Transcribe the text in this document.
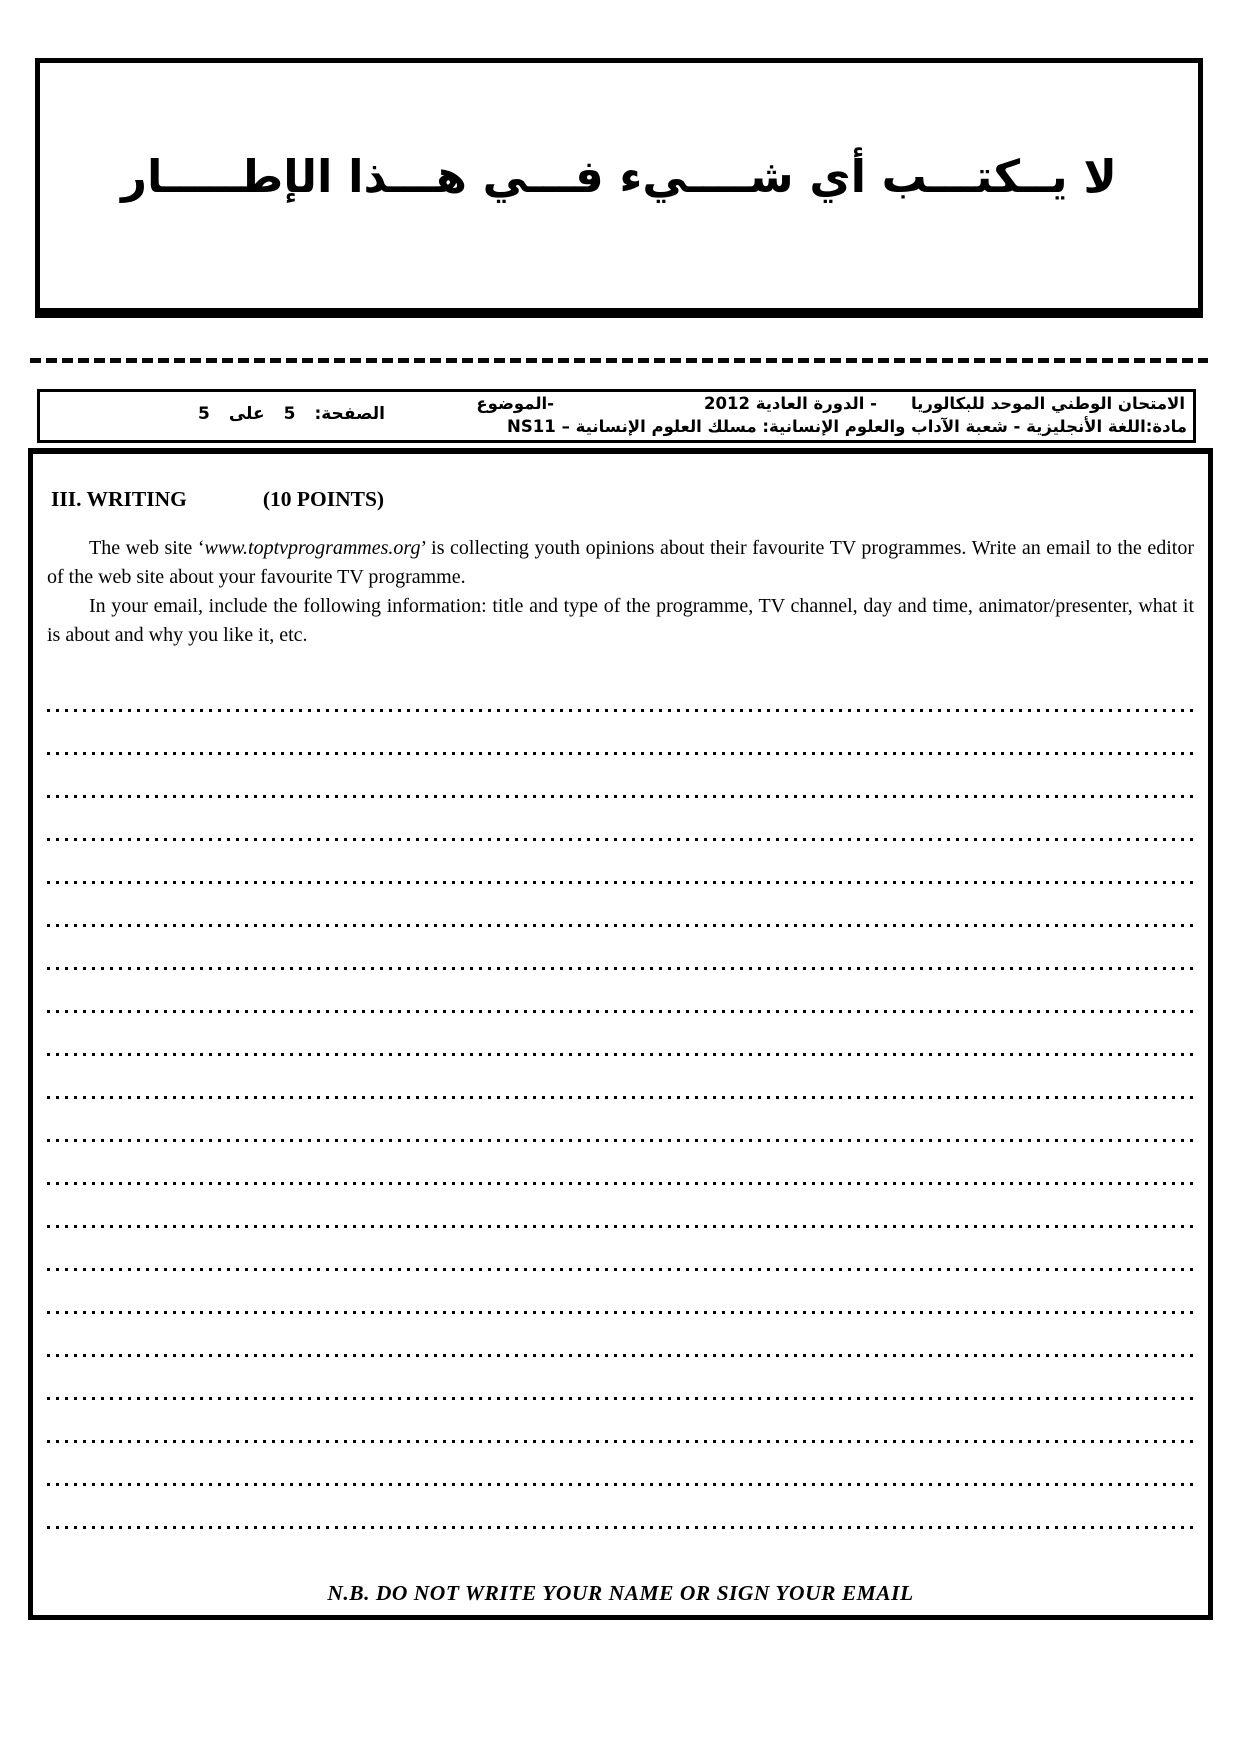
لا يــكتـــب أي شــــيء فـــي هـــذا الإطـــــار
الامتحان الوطني الموحد للبكالوريا
- الدورة العادية 2012
-الموضوع
مادة:اللغة الأنجليزية - شعبة الآداب والعلوم الإنسانية: مسلك العلوم الإنسانية –
NS11
الصفحة:
5
على
5
III. WRITING	(10 POINTS)

The web site ‘www.toptvprogrammes.org’ is collecting youth opinions about their favourite TV programmes. Write an email to the editor of the web site about your favourite TV programme.

In your email, include the following information: title and type of the programme, TV channel, day and time, animator/presenter, what it is about and why you like it, etc.

N.B. DO NOT WRITE YOUR NAME OR SIGN YOUR EMAIL
